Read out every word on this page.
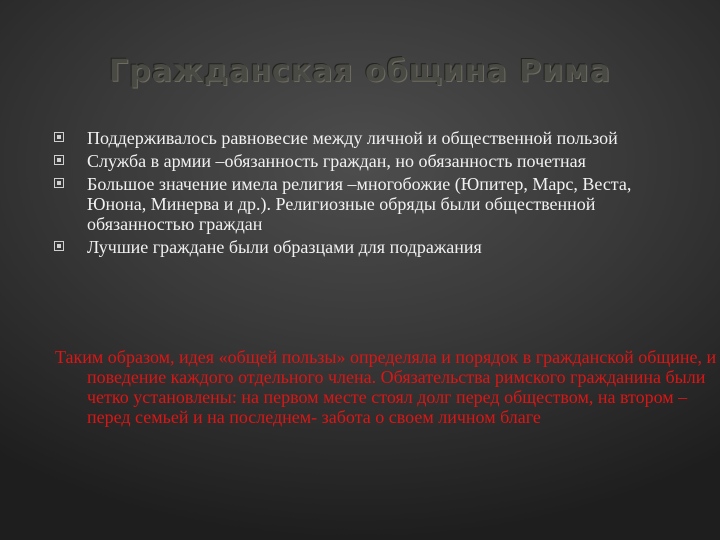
Гражданская община Рима
Поддерживалось равновесие между личной и общественной пользой
Служба в армии –обязанность граждан, но обязанность почетная
Большое значение имела религия –многобожие (Юпитер, Марс, Веста, Юнона, Минерва и др.). Религиозные обряды были общественной обязанностью граждан
Лучшие граждане были образцами для подражания

Таким образом, идея «общей пользы» определяла и порядок в гражданской общине, и поведение каждого отдельного члена. Обязательства римского гражданина были четко установлены: на первом месте стоял долг перед обществом, на втором – перед семьей и на последнем- забота о своем личном благе
